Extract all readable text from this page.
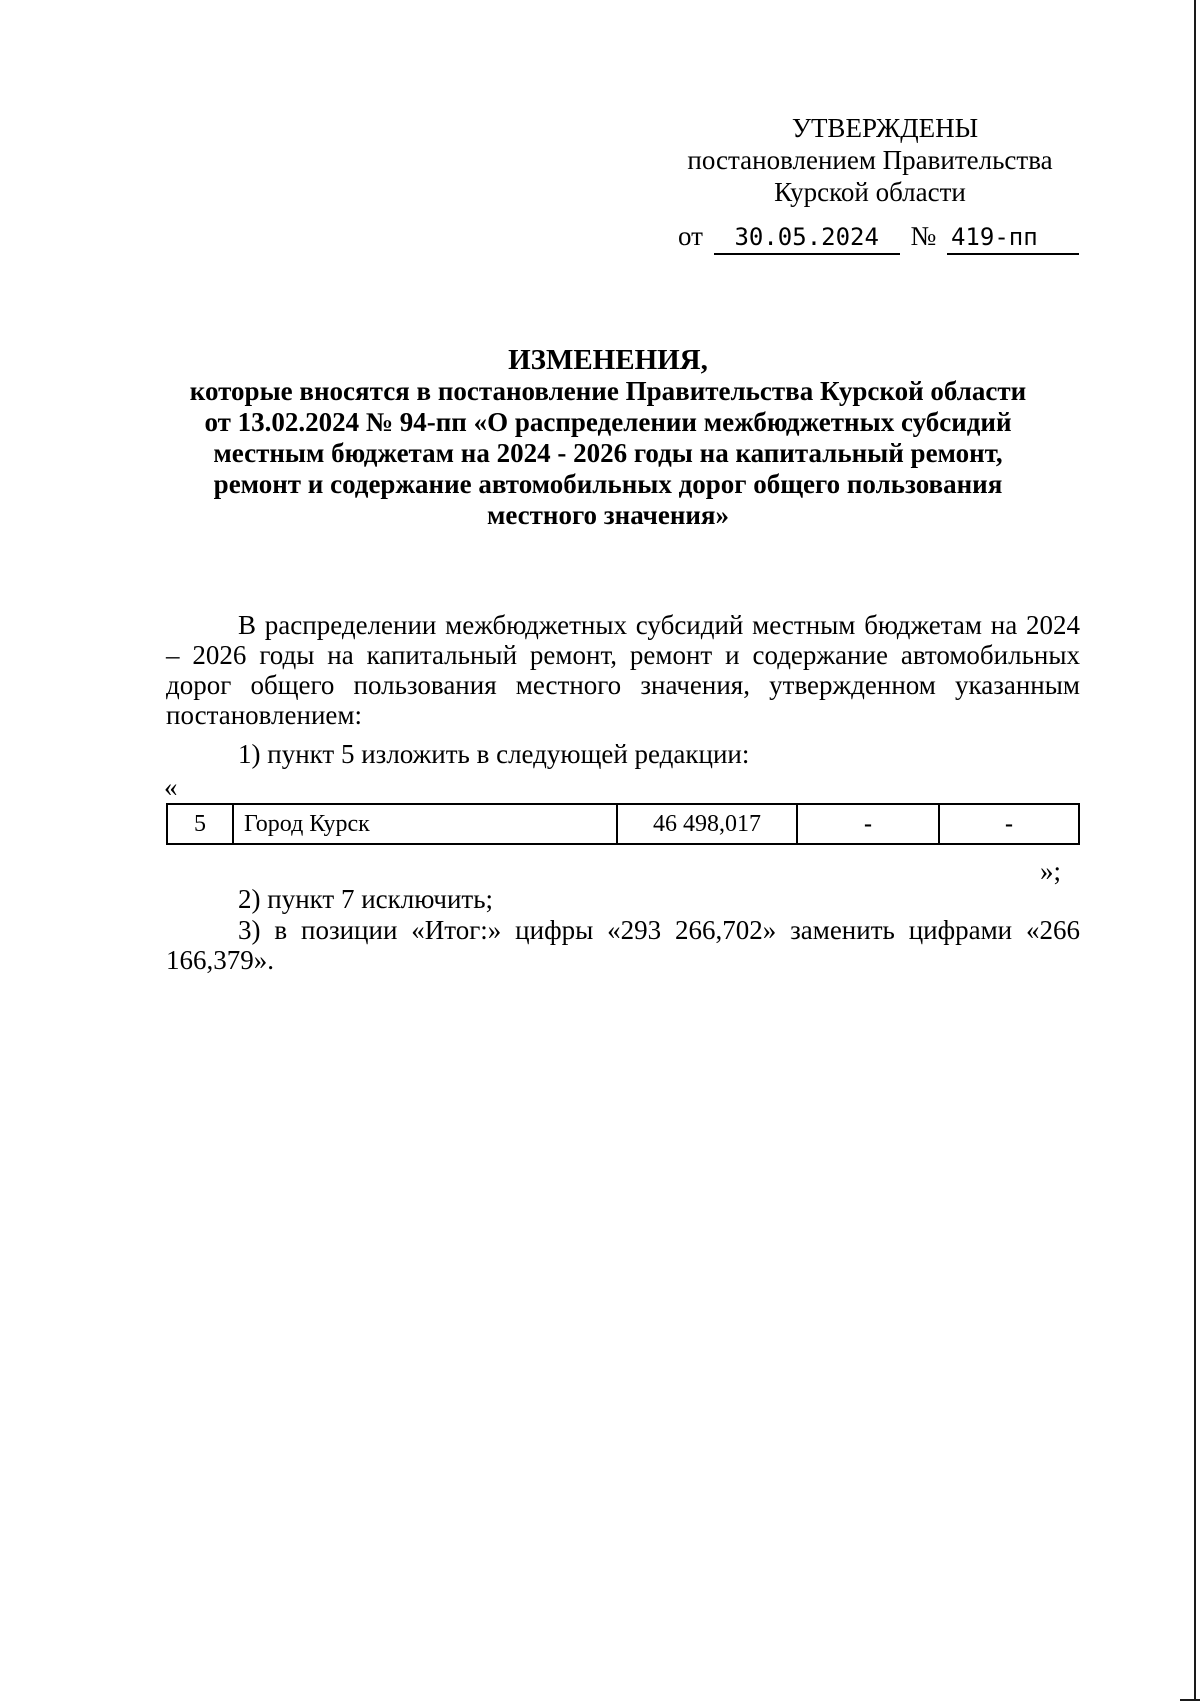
УТВЕРЖДЕНЫ
постановлением Правительства
Курской области
от 30.05.2024 № 419-пп
ИЗМЕНЕНИЯ,
которые вносятся в постановление Правительства Курской области
от 13.02.2024 № 94-пп «О распределении межбюджетных субсидий
местным бюджетам на 2024 - 2026 годы на капитальный ремонт,
ремонт и содержание автомобильных дорог общего пользования
местного значения»

В распределении межбюджетных субсидий местным бюджетам на 2024 – 2026 годы на капитальный ремонт, ремонт и содержание автомобильных дорог общего пользования местного значения, утвержденном указанным постановлением:

1) пункт 5 изложить в следующей редакции:
«
5	Город Курск	46 498,017	-	-
»;
2) пункт 7 исключить;

3) в позиции «Итог:» цифры «293 266,702» заменить цифрами «266 166,379».
